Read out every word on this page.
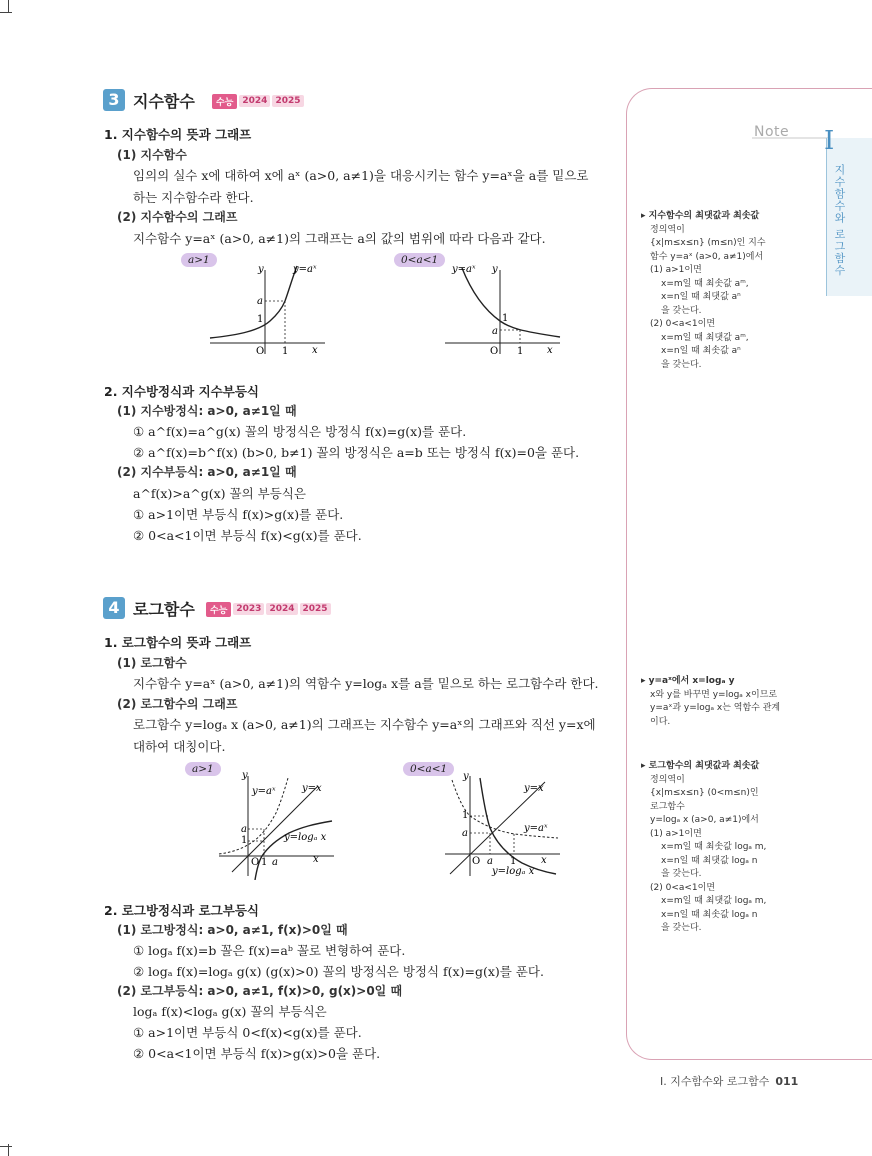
3 지수함수	수능	2024 2025
1. 지수함수의 뜻과 그래프
(1) 지수함수
임의의 실수 x에 대하여 x에 aˣ (a>0, a≠1)을 대응시키는 함수 y=aˣ을 a를 밑으로
하는 지수함수라 한다.
(2) 지수함수의 그래프
지수함수 y=aˣ (a>0, a≠1)의 그래프는 a의 값의 범위에 따라 다음과 같다.
a>1	0<a<1
y
x
O
1
1
a
y=aˣ	y
x
O
1
a
1
y=aˣ
2. 지수방정식과 지수부등식
(1) 지수방정식: a>0, a≠1일 때
① a^f(x)=a^g(x) 꼴의 방정식은 방정식 f(x)=g(x)를 푼다.
② a^f(x)=b^f(x) (b>0, b≠1) 꼴의 방정식은 a=b 또는 방정식 f(x)=0을 푼다.
(2) 지수부등식: a>0, a≠1일 때
a^f(x)>a^g(x) 꼴의 부등식은
① a>1이면 부등식 f(x)>g(x)를 푼다.
② 0<a<1이면 부등식 f(x)<g(x)를 푼다.
4 로그함수	수능	2023 2024 2025
1. 로그함수의 뜻과 그래프
(1) 로그함수
지수함수 y=aˣ (a>0, a≠1)의 역함수 y=logₐ x를 a를 밑으로 하는 로그함수라 한다.
(2) 로그함수의 그래프
로그함수 y=logₐ x (a>0, a≠1)의 그래프는 지수함수 y=aˣ의 그래프와 직선 y=x에
대하여 대칭이다.
a>1	0<a<1
y
x
O 1 a
a
1
y=aˣ	y=x
y=logₐ x
y
x
O a 1
1
a
y=x
y=aˣ
y=logₐ x
2. 로그방정식과 로그부등식
(1) 로그방정식: a>0, a≠1, f(x)>0일 때
① logₐ f(x)=b 꼴은 f(x)=aᵇ 꼴로 변형하여 푼다.
② logₐ f(x)=logₐ g(x) (g(x)>0) 꼴의 방정식은 방정식 f(x)=g(x)를 푼다.
(2) 로그부등식: a>0, a≠1, f(x)>0, g(x)>0일 때
logₐ f(x)<logₐ g(x) 꼴의 부등식은
① a>1이면 부등식 0<f(x)<g(x)를 푼다.
② 0<a<1이면 부등식 f(x)>g(x)>0을 푼다.
Note I
지수함수와 로그함수
▸ 지수함수의 최댓값과 최솟값
정의역이
{x|m≤x≤n} (m≤n)인 지수
함수 y=aˣ (a>0, a≠1)에서
(1) a>1이면
x=m일 때 최솟값 aᵐ,
x=n일 때 최댓값 aⁿ
을 갖는다.
(2) 0<a<1이면
x=m일 때 최댓값 aᵐ,
x=n일 때 최솟값 aⁿ
을 갖는다.
▸ y=aˣ에서 x=logₐ y
x와 y를 바꾸면 y=logₐ x이므로
y=aˣ과 y=logₐ x는 역함수 관계
이다.
▸ 로그함수의 최댓값과 최솟값
정의역이
{x|m≤x≤n} (0<m≤n)인
로그함수
y=logₐ x (a>0, a≠1)에서
(1) a>1이면
x=m일 때 최솟값 logₐ m,
x=n일 때 최댓값 logₐ n
을 갖는다.
(2) 0<a<1이면
x=m일 때 최댓값 logₐ m,
x=n일 때 최솟값 logₐ n
을 갖는다.
I. 지수함수와 로그함수 011
